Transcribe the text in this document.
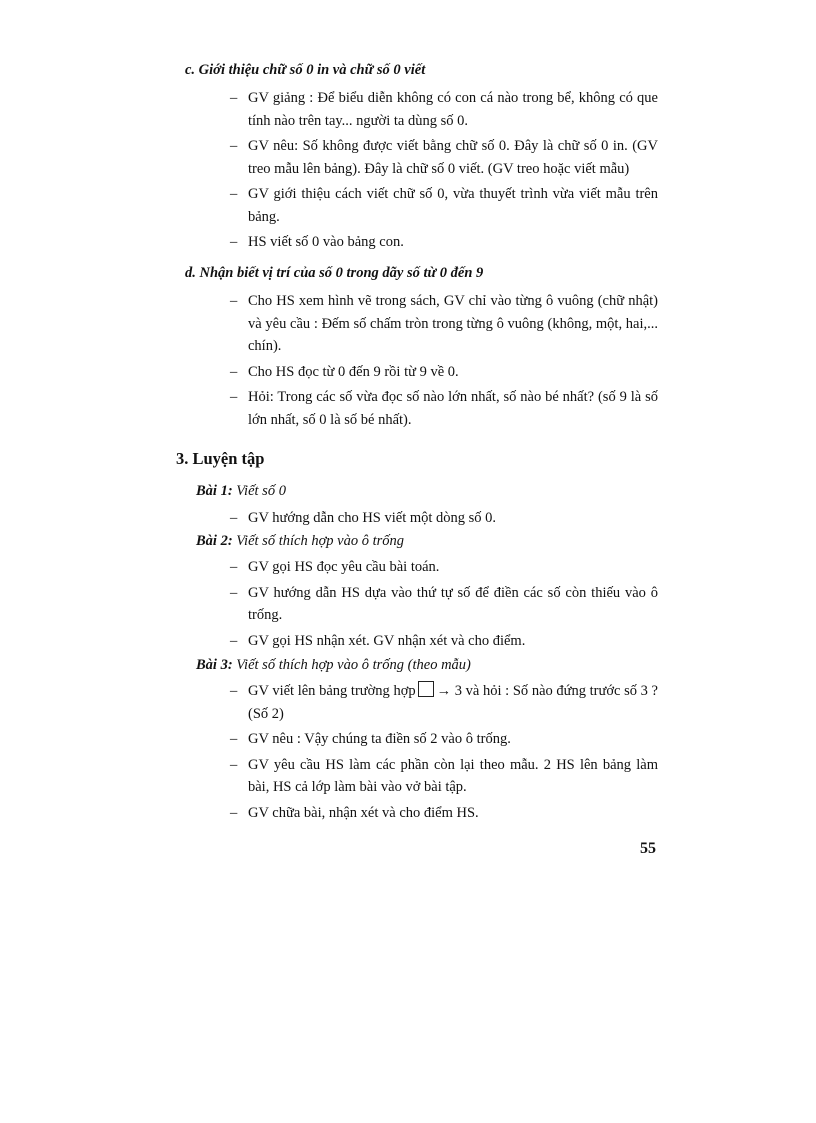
c. Giới thiệu chữ số 0 in và chữ số 0 viết
– GV giảng : Để biểu diễn không có con cá nào trong bể, không có que tính nào trên tay... người ta dùng số 0.
– GV nêu: Số không được viết bằng chữ số 0. Đây là chữ số 0 in. (GV treo mẫu lên bảng). Đây là chữ số 0 viết. (GV treo hoặc viết mẫu)
– GV giới thiệu cách viết chữ số 0, vừa thuyết trình vừa viết mẫu trên bảng.
– HS viết số 0 vào bảng con.
d. Nhận biết vị trí của số 0 trong dãy số từ 0 đến 9
– Cho HS xem hình vẽ trong sách, GV chỉ vào từng ô vuông (chữ nhật) và yêu cầu : Đếm số chấm tròn trong từng ô vuông (không, một, hai,... chín).
– Cho HS đọc từ 0 đến 9 rồi từ 9 về 0.
– Hỏi: Trong các số vừa đọc số nào lớn nhất, số nào bé nhất? (số 9 là số lớn nhất, số 0 là số bé nhất).
3. Luyện tập
Bài 1: Viết số 0
– GV hướng dẫn cho HS viết một dòng số 0.
Bài 2: Viết số thích hợp vào ô trống
– GV gọi HS đọc yêu cầu bài toán.
– GV hướng dẫn HS dựa vào thứ tự số để điền các số còn thiếu vào ô trống.
– GV gọi HS nhận xét. GV nhận xét và cho điểm.
Bài 3: Viết số thích hợp vào ô trống (theo mẫu)
– GV viết lên bảng trường hợp → 3 và hỏi : Số nào đứng trước số 3 ? (Số 2)
– GV nêu : Vậy chúng ta điền số 2 vào ô trống.
– GV yêu cầu HS làm các phần còn lại theo mẫu. 2 HS lên bảng làm bài, HS cả lớp làm bài vào vở bài tập.
– GV chữa bài, nhận xét và cho điểm HS.
55
